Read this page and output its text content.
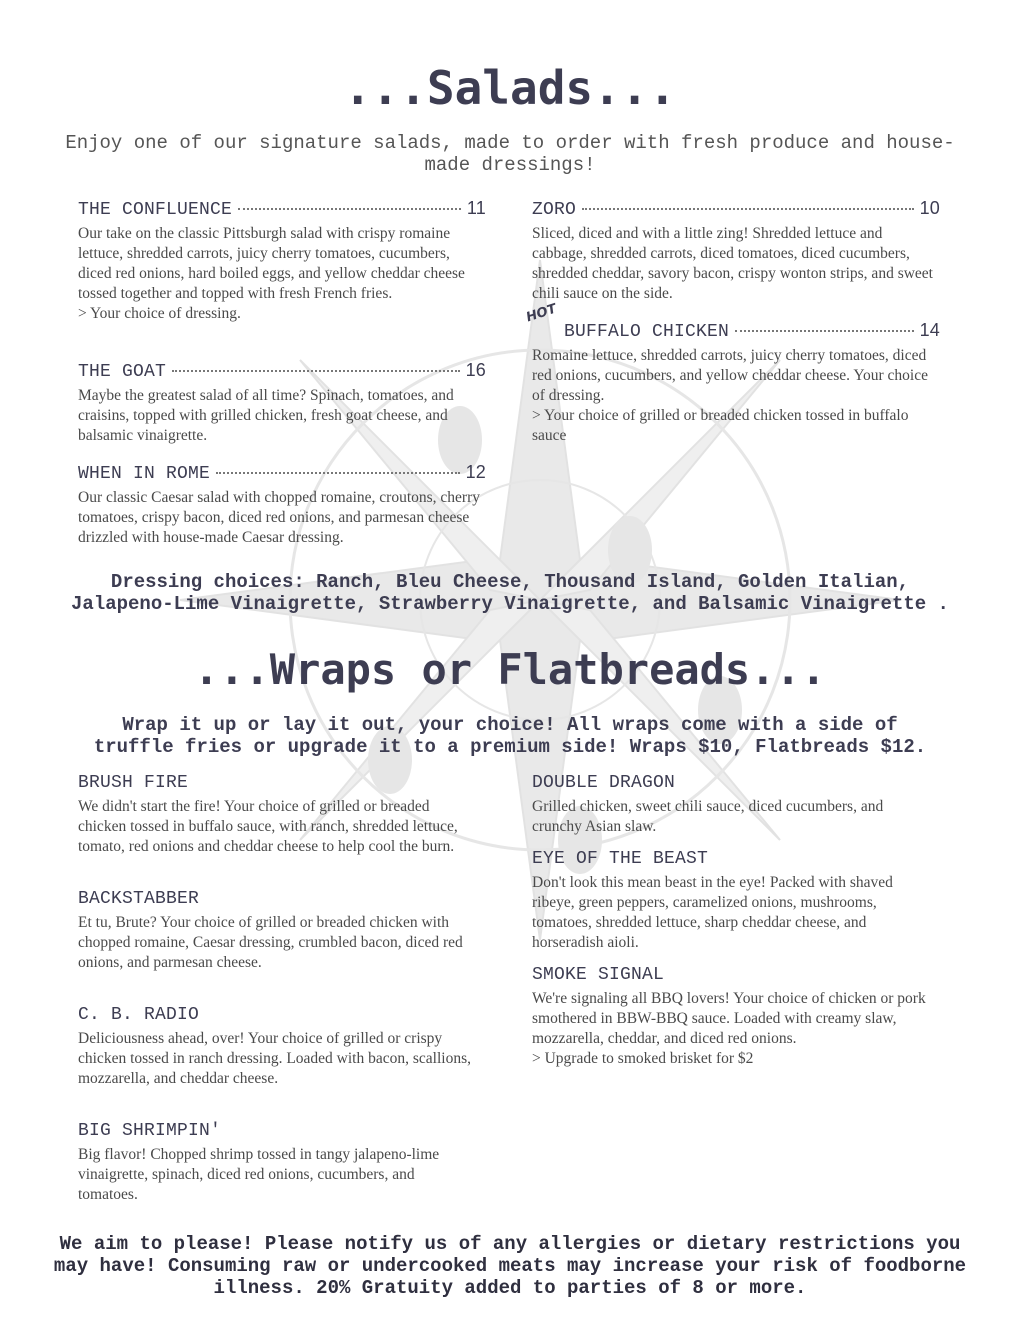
...Salads...
Enjoy one of our signature salads, made to order with fresh produce and house-made dressings!
THE CONFLUENCE	11
Our take on the classic Pittsburgh salad with crispy romaine lettuce, shredded carrots, juicy cherry tomatoes, cucumbers, diced red onions, hard boiled eggs, and yellow cheddar cheese tossed together and topped with fresh French fries.
> Your choice of dressing.
THE GOAT	16
Maybe the greatest salad of all time? Spinach, tomatoes, and craisins, topped with grilled chicken, fresh goat cheese, and balsamic vinaigrette.
WHEN IN ROME	12
Our classic Caesar salad with chopped romaine, croutons, cherry tomatoes, crispy bacon, diced red onions, and parmesan cheese drizzled with house-made Caesar dressing.
ZORO	10
Sliced, diced and with a little zing! Shredded lettuce and cabbage, shredded carrots, diced tomatoes, diced cucumbers, shredded cheddar, savory bacon, crispy wonton strips, and sweet chili sauce on the side.
HOT
BUFFALO CHICKEN	14
Romaine lettuce, shredded carrots, juicy cherry tomatoes, diced red onions, cucumbers, and yellow cheddar cheese. Your choice of dressing.
> Your choice of grilled or breaded chicken tossed in buffalo sauce
Dressing choices: Ranch, Bleu Cheese, Thousand Island, Golden Italian, Jalapeno-Lime Vinaigrette, Strawberry Vinaigrette, and Balsamic Vinaigrette .
...Wraps or Flatbreads...
Wrap it up or lay it out, your choice! All wraps come with a side of truffle fries or upgrade it to a premium side! Wraps $10, Flatbreads $12.
BRUSH FIRE
We didn't start the fire! Your choice of grilled or breaded chicken tossed in buffalo sauce, with ranch, shredded lettuce, tomato, red onions and cheddar cheese to help cool the burn.
BACKSTABBER
Et tu, Brute? Your choice of grilled or breaded chicken with chopped romaine, Caesar dressing, crumbled bacon, diced red onions, and parmesan cheese.
C. B. RADIO
Deliciousness ahead, over! Your choice of grilled or crispy chicken tossed in ranch dressing. Loaded with bacon, scallions, mozzarella, and cheddar cheese.
BIG SHRIMPIN'
Big flavor! Chopped shrimp tossed in tangy jalapeno-lime vinaigrette, spinach, diced red onions, cucumbers, and tomatoes.
DOUBLE DRAGON
Grilled chicken, sweet chili sauce, diced cucumbers, and crunchy Asian slaw.
EYE OF THE BEAST
Don't look this mean beast in the eye! Packed with shaved ribeye, green peppers, caramelized onions, mushrooms, tomatoes, shredded lettuce, sharp cheddar cheese, and horseradish aioli.
SMOKE SIGNAL
We're signaling all BBQ lovers! Your choice of chicken or pork smothered in BBW-BBQ sauce. Loaded with creamy slaw, mozzarella, cheddar, and diced red onions.
> Upgrade to smoked brisket for $2
We aim to please! Please notify us of any allergies or dietary restrictions you may have! Consuming raw or undercooked meats may increase your risk of foodborne illness. 20% Gratuity added to parties of 8 or more.
